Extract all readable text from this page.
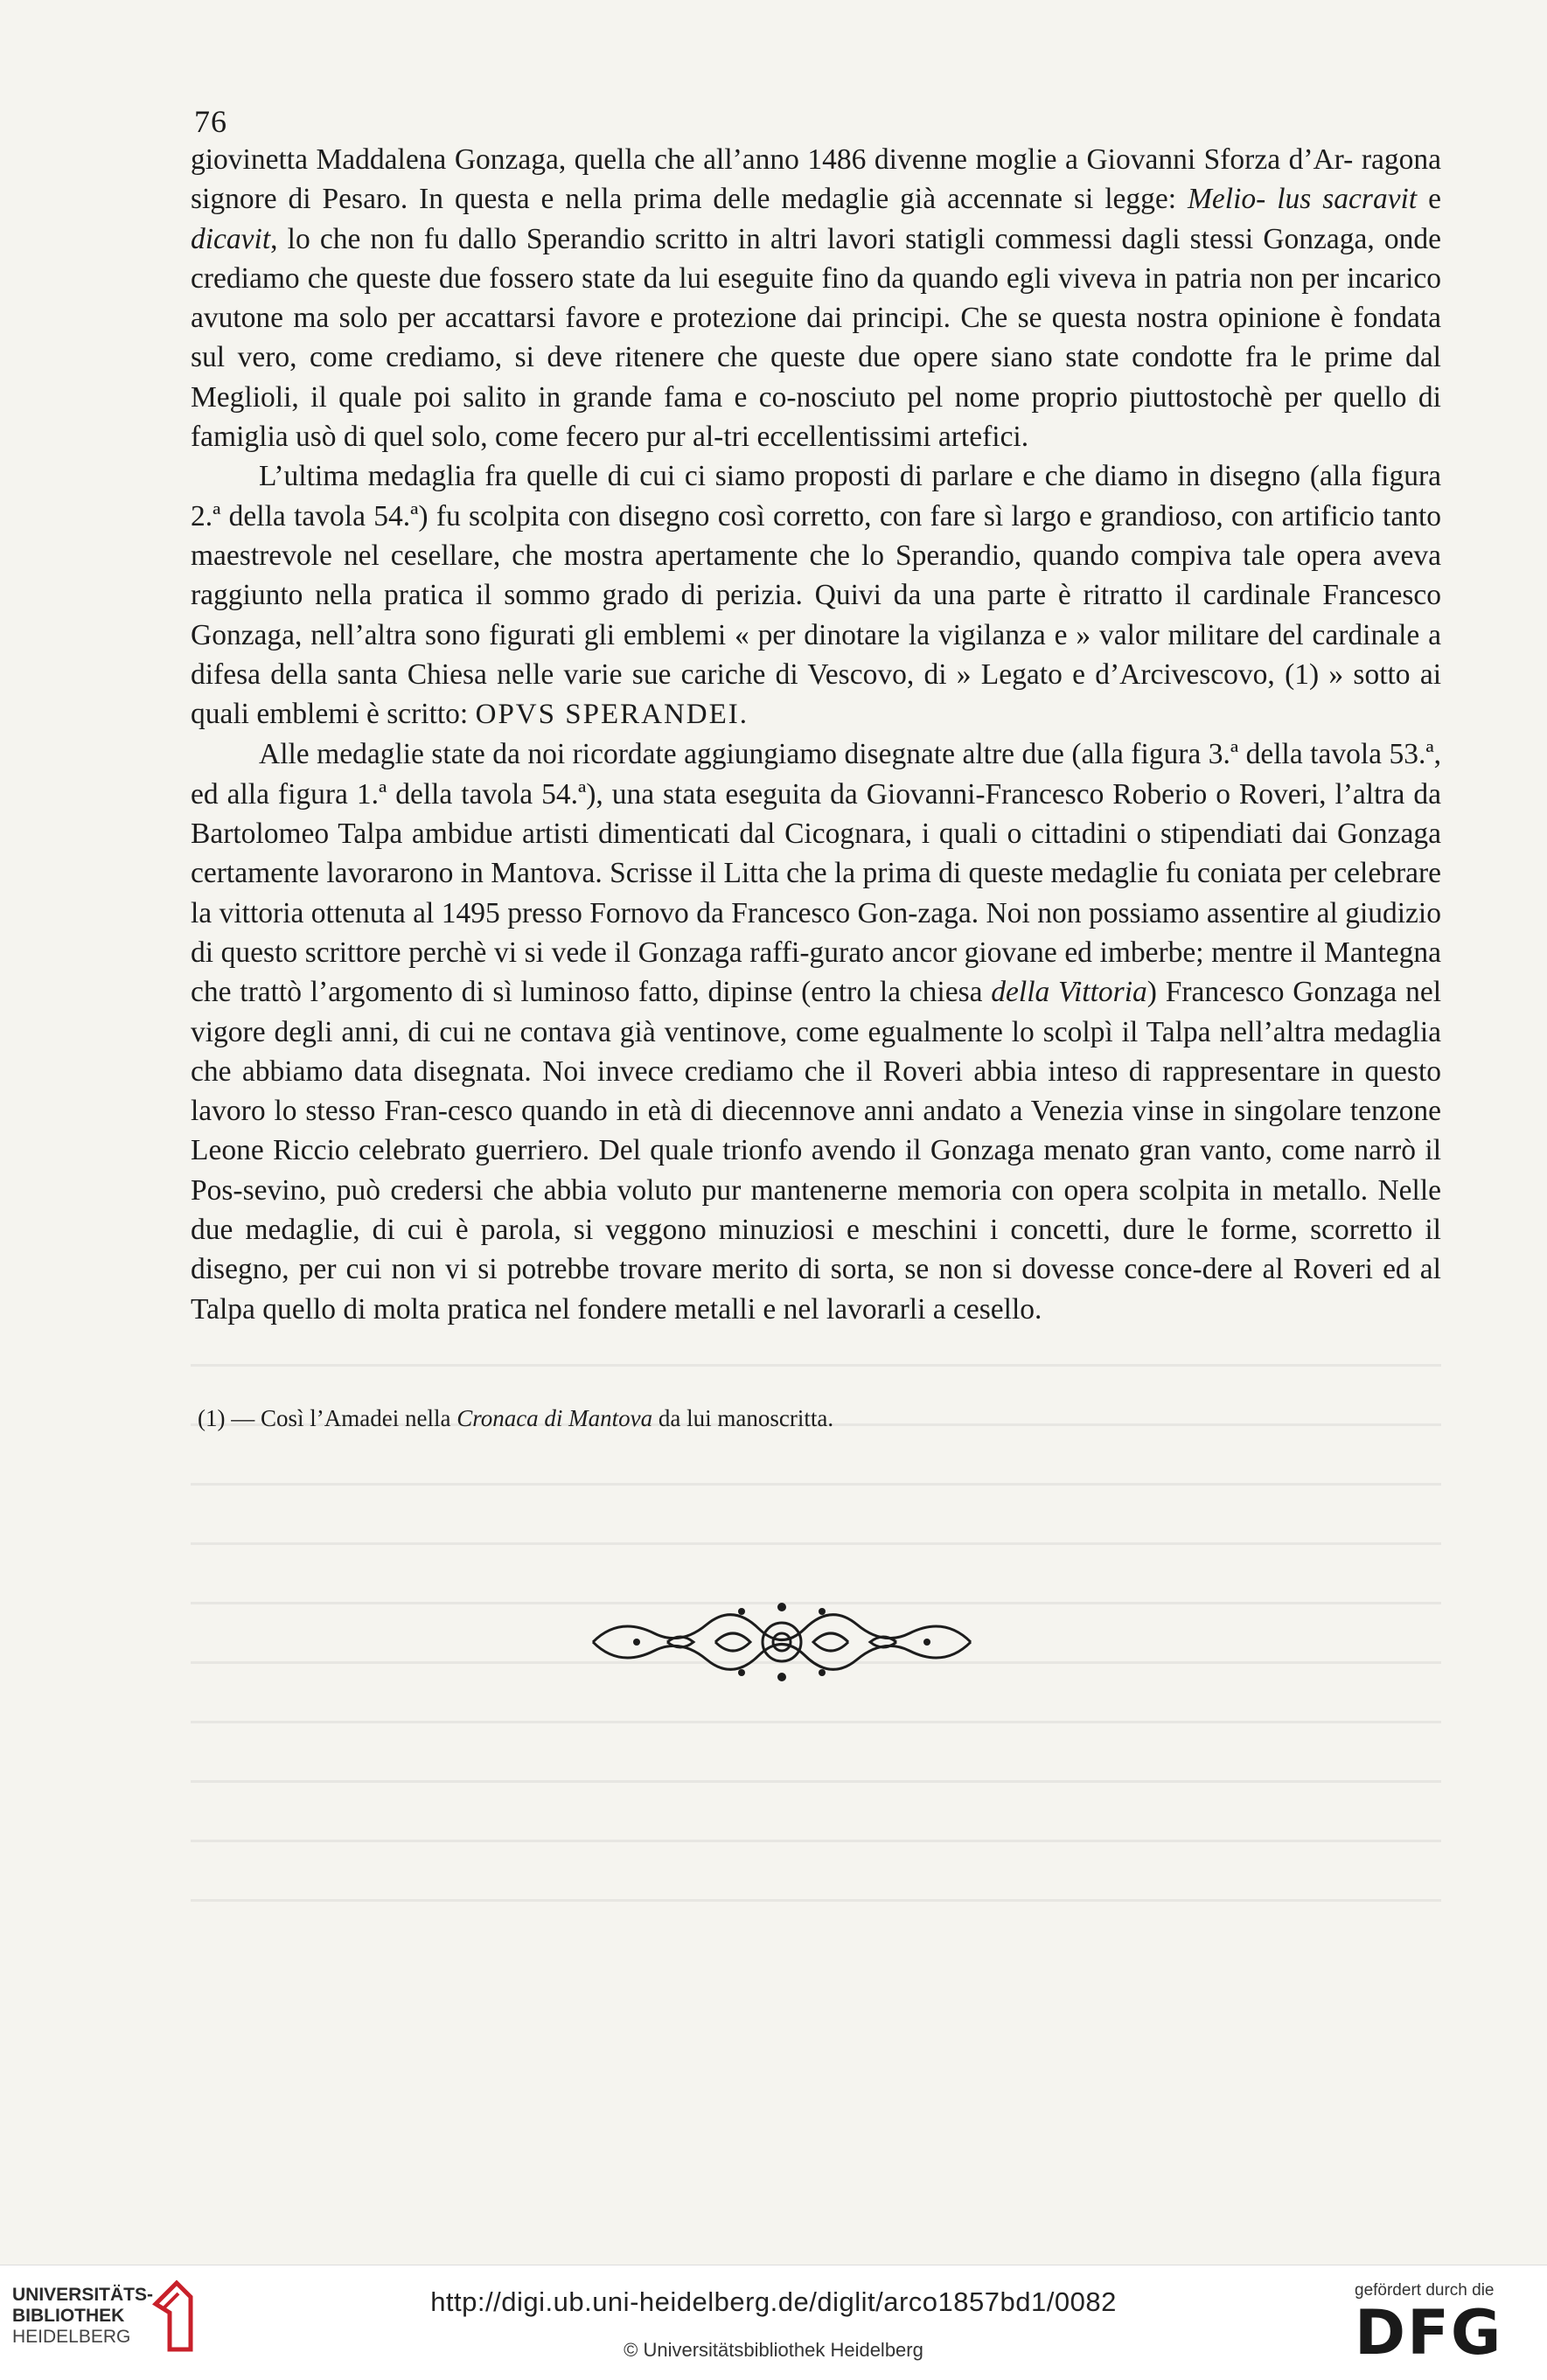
76

giovinetta Maddalena Gonzaga, quella che all’anno 1486 divenne moglie a Giovanni Sforza d’Ar- ragona signore di Pesaro. In questa e nella prima delle medaglie già accennate si legge: Melio- lus sacravit e dicavit, lo che non fu dallo Sperandio scritto in altri lavori statigli commessi dagli stessi Gonzaga, onde crediamo che queste due fossero state da lui eseguite fino da quando egli viveva in patria non per incarico avutone ma solo per accattarsi favore e protezione dai principi. Che se questa nostra opinione è fondata sul vero, come crediamo, si deve ritenere che queste due opere siano state condotte fra le prime dal Meglioli, il quale poi salito in grande fama e co-nosciuto pel nome proprio piuttostochè per quello di famiglia usò di quel solo, come fecero pur al-tri eccellentissimi artefici.

L’ultima medaglia fra quelle di cui ci siamo proposti di parlare e che diamo in disegno (alla figura 2.ª della tavola 54.ª) fu scolpita con disegno così corretto, con fare sì largo e grandioso, con artificio tanto maestrevole nel cesellare, che mostra apertamente che lo Sperandio, quando compiva tale opera aveva raggiunto nella pratica il sommo grado di perizia. Quivi da una parte è ritratto il cardinale Francesco Gonzaga, nell’altra sono figurati gli emblemi « per dinotare la vigilanza e » valor militare del cardinale a difesa della santa Chiesa nelle varie sue cariche di Vescovo, di » Legato e d’Arcivescovo, (1) » sotto ai quali emblemi è scritto: OPVS SPERANDEI.

Alle medaglie state da noi ricordate aggiungiamo disegnate altre due (alla figura 3.ª della tavola 53.ª, ed alla figura 1.ª della tavola 54.ª), una stata eseguita da Giovanni-Francesco Roberio o Roveri, l’altra da Bartolomeo Talpa ambidue artisti dimenticati dal Cicognara, i quali o cittadini o stipendiati dai Gonzaga certamente lavorarono in Mantova. Scrisse il Litta che la prima di queste medaglie fu coniata per celebrare la vittoria ottenuta al 1495 presso Fornovo da Francesco Gon-zaga. Noi non possiamo assentire al giudizio di questo scrittore perchè vi si vede il Gonzaga raffi-gurato ancor giovane ed imberbe; mentre il Mantegna che trattò l’argomento di sì luminoso fatto, dipinse (entro la chiesa della Vittoria) Francesco Gonzaga nel vigore degli anni, di cui ne contava già ventinove, come egualmente lo scolpì il Talpa nell’altra medaglia che abbiamo data disegnata. Noi invece crediamo che il Roveri abbia inteso di rappresentare in questo lavoro lo stesso Fran-cesco quando in età di diecennove anni andato a Venezia vinse in singolare tenzone Leone Riccio celebrato guerriero. Del quale trionfo avendo il Gonzaga menato gran vanto, come narrò il Pos-sevino, può credersi che abbia voluto pur mantenerne memoria con opera scolpita in metallo. Nelle due medaglie, di cui è parola, si veggono minuziosi e meschini i concetti, dure le forme, scorretto il disegno, per cui non vi si potrebbe trovare merito di sorta, se non si dovesse conce-dere al Roveri ed al Talpa quello di molta pratica nel fondere metalli e nel lavorarli a cesello.

(1) — Così l’Amadei nella Cronaca di Mantova da lui manoscritta.
UNIVERSITÄTS-
BIBLIOTHEK
HEIDELBERG
http://digi.ub.uni-heidelberg.de/diglit/arco1857bd1/0082
© Universitätsbibliothek Heidelberg
gefördert durch die
DFG
